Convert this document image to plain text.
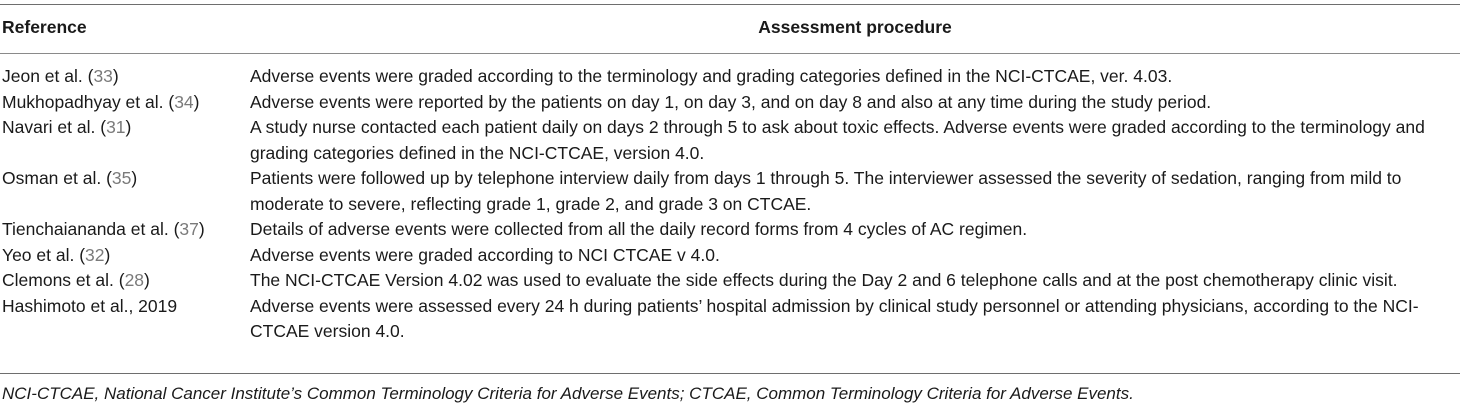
Reference	Assessment procedure
Jeon et al. (33)	Adverse events were graded according to the terminology and grading categories defined in the NCI-CTCAE, ver. 4.03.
Mukhopadhyay et al. (34)	Adverse events were reported by the patients on day 1, on day 3, and on day 8 and also at any time during the study period.
Navari et al. (31)	A study nurse contacted each patient daily on days 2 through 5 to ask about toxic effects. Adverse events were graded according to the terminology and grading categories defined in the NCI-CTCAE, version 4.0.
Osman et al. (35)	Patients were followed up by telephone interview daily from days 1 through 5. The interviewer assessed the severity of sedation, ranging from mild to moderate to severe, reflecting grade 1, grade 2, and grade 3 on CTCAE.
Tienchaiananda et al. (37)	Details of adverse events were collected from all the daily record forms from 4 cycles of AC regimen.
Yeo et al. (32)	Adverse events were graded according to NCI CTCAE v 4.0.
Clemons et al. (28)	The NCI-CTCAE Version 4.02 was used to evaluate the side effects during the Day 2 and 6 telephone calls and at the post chemotherapy clinic visit.
Hashimoto et al., 2019	Adverse events were assessed every 24 h during patients’ hospital admission by clinical study personnel or attending physicians, according to the NCI-CTCAE version 4.0.
NCI-CTCAE, National Cancer Institute’s Common Terminology Criteria for Adverse Events; CTCAE, Common Terminology Criteria for Adverse Events.
